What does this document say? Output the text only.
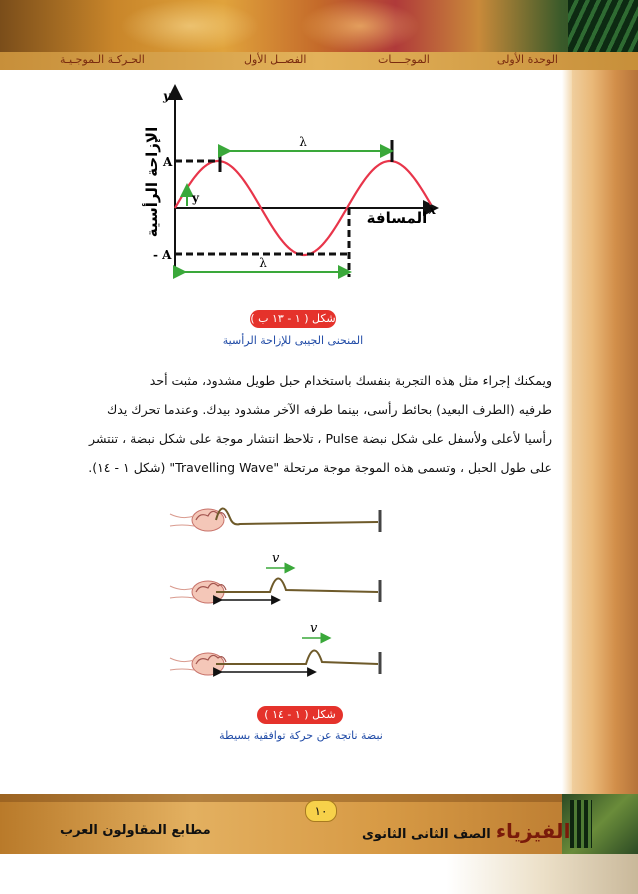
الوحدة الأولى
الموجــــات
الفصــل الأول
الحـركـة الـموجـيـة
y
x
الإزاحة الرأسية	المسافة
λ
λ
A
- A
y
شكل ( ١ - ١٣ ب )
المنحنى الجيبى للإزاحة الرأسية

ويمكنك إجراء مثل هذه التجربة بنفسك باستخدام حبل طويل مشدود، مثبت أحد

طرفيه (الطرف البعيد) بحائط رأسى، بينما طرفه الآخر مشدود بيدك. وعندما تحرك يدك

رأسيا لأعلى ولأسفل على شكل نبضة Pulse ، تلاحظ انتشار موجة على شكل نبضة ، تنتشر

على طول الحبل ، وتسمى هذه الموجة موجة مرتحلة "Travelling Wave" (شكل ١ - ١٤).

v
v
شكل ( ١ - ١٤ )
نبضة ناتجة عن حركة توافقية بسيطة
١٠
مطابع المقاولون العرب	الفيزياء الصف الثانى الثانوى
